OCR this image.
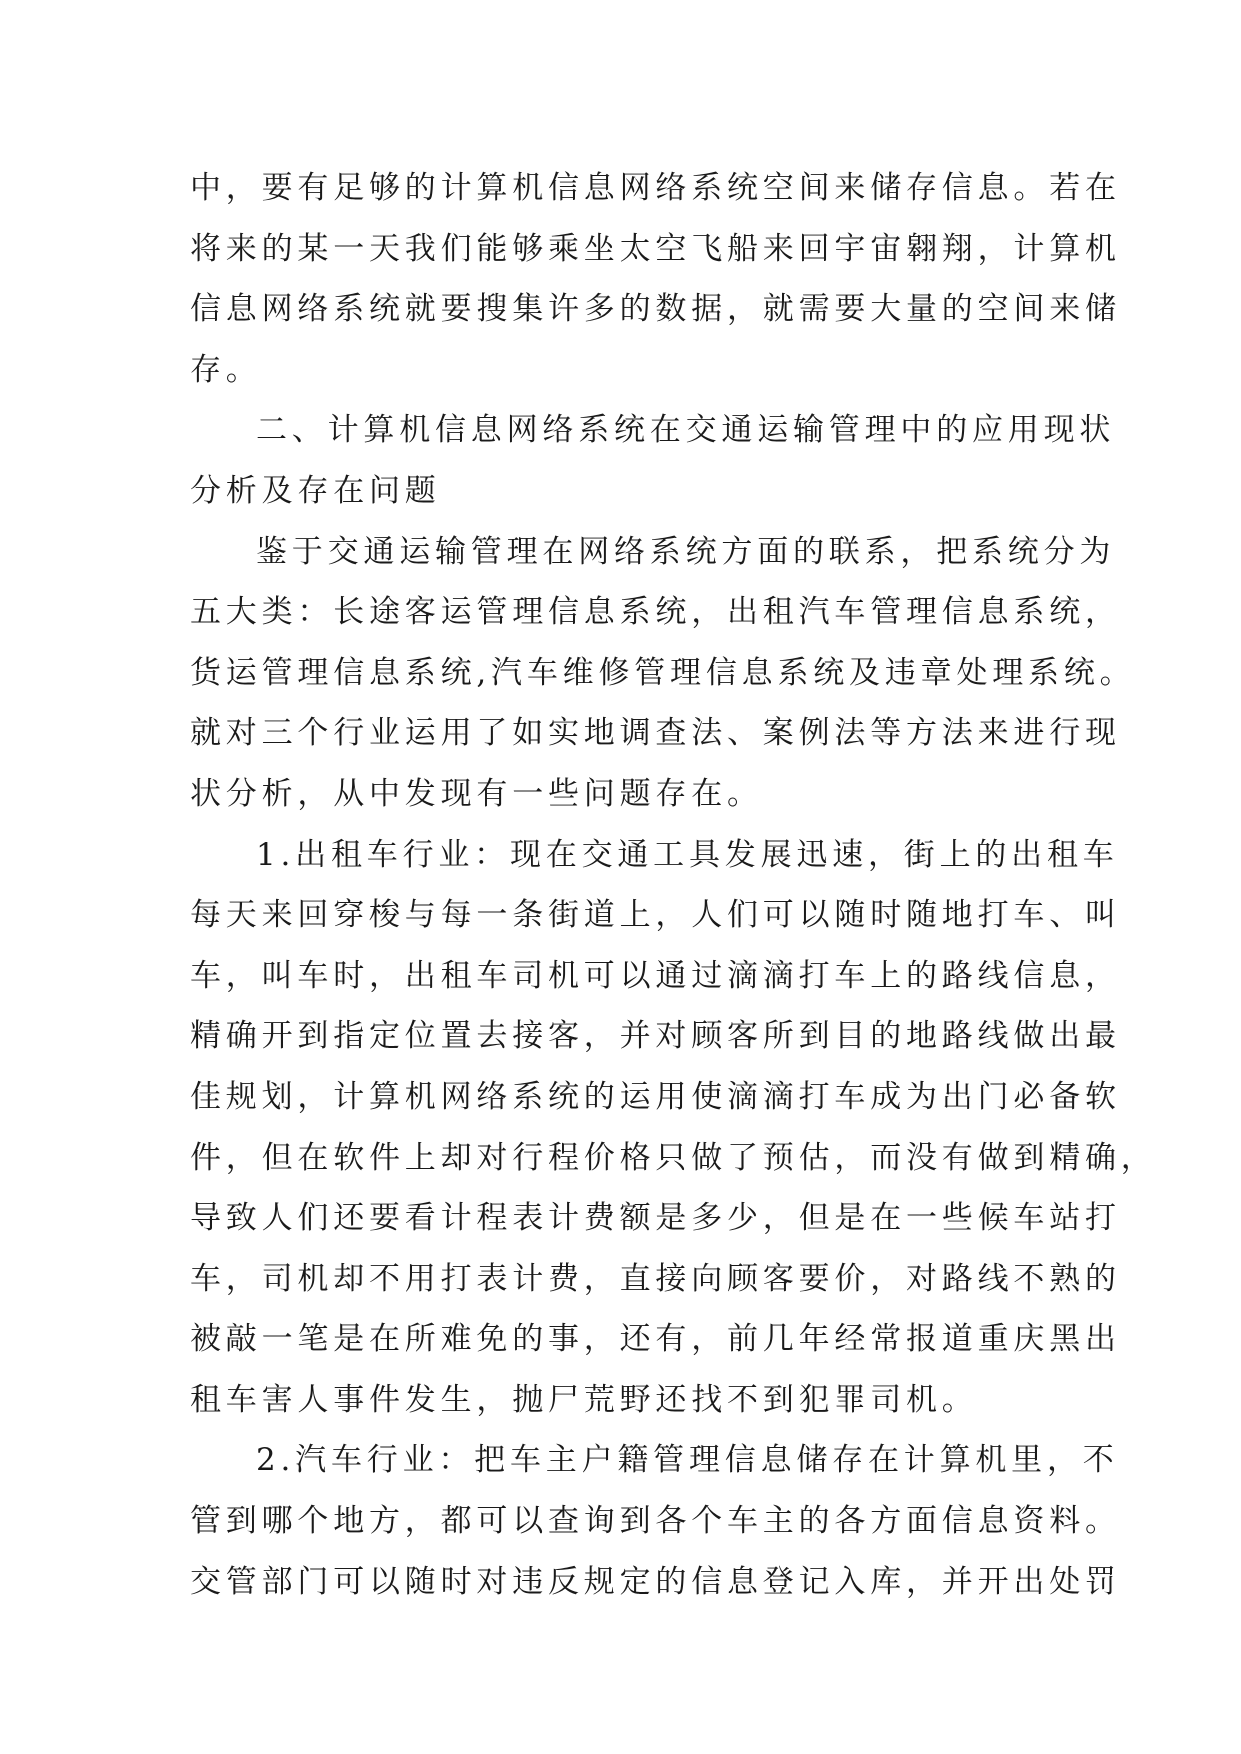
中，要有足够的计算机信息网络系统空间来储存信息。若在
将来的某一天我们能够乘坐太空飞船来回宇宙翱翔，计算机
信息网络系统就要搜集许多的数据，就需要大量的空间来储
存。
二、计算机信息网络系统在交通运输管理中的应用现状
分析及存在问题
鉴于交通运输管理在网络系统方面的联系，把系统分为
五大类：长途客运管理信息系统，出租汽车管理信息系统，
货运管理信息系统,汽车维修管理信息系统及违章处理系统。
就对三个行业运用了如实地调查法、案例法等方法来进行现
状分析，从中发现有一些问题存在。
1.出租车行业：现在交通工具发展迅速，街上的出租车
每天来回穿梭与每一条街道上，人们可以随时随地打车、叫
车，叫车时，出租车司机可以通过滴滴打车上的路线信息，
精确开到指定位置去接客，并对顾客所到目的地路线做出最
佳规划，计算机网络系统的运用使滴滴打车成为出门必备软
件，但在软件上却对行程价格只做了预估，而没有做到精确，
导致人们还要看计程表计费额是多少，但是在一些候车站打
车，司机却不用打表计费，直接向顾客要价，对路线不熟的
被敲一笔是在所难免的事，还有，前几年经常报道重庆黑出
租车害人事件发生，抛尸荒野还找不到犯罪司机。
2.汽车行业：把车主户籍管理信息储存在计算机里，不
管到哪个地方，都可以查询到各个车主的各方面信息资料。
交管部门可以随时对违反规定的信息登记入库，并开出处罚
